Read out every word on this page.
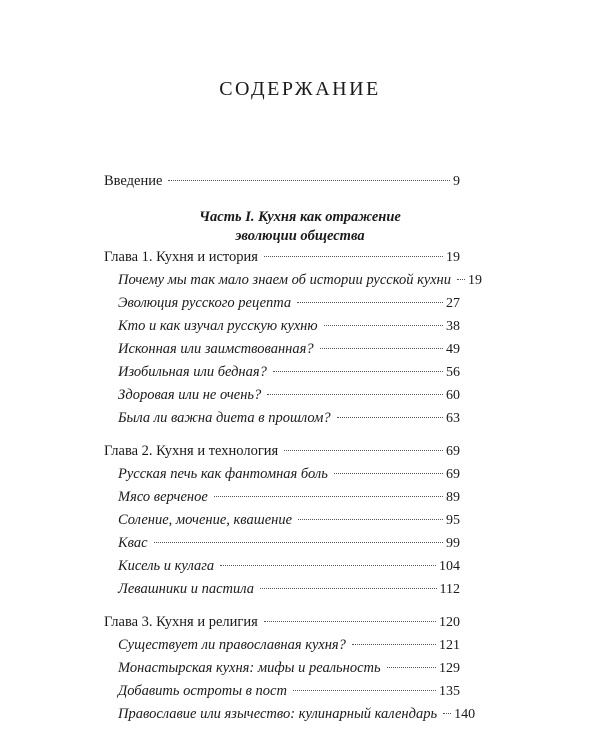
СОДЕРЖАНИЕ
Введение	9
Часть I. Кухня как отражение
эволюции общества
Глава 1. Кухня и история	19
Почему мы так мало знаем об истории русской кухни 19
Эволюция русского рецепта	27
Кто и как изучал русскую кухню	38
Исконная или заимствованная?	49
Изобильная или бедная?	56
Здоровая или не очень?	60
Была ли важна диета в прошлом?	63
Глава 2. Кухня и технология	69
Русская печь как фантомная боль	69
Мясо верченое	89
Соление, мочение, квашение	95
Квас	99
Кисель и кулага	104
Левашники и пастила	112
Глава 3. Кухня и религия	120
Существует ли православная кухня?	121
Монастырская кухня: мифы и реальность	129
Добавить остроты в пост	135
Православие или язычество: кулинарный календарь 140
